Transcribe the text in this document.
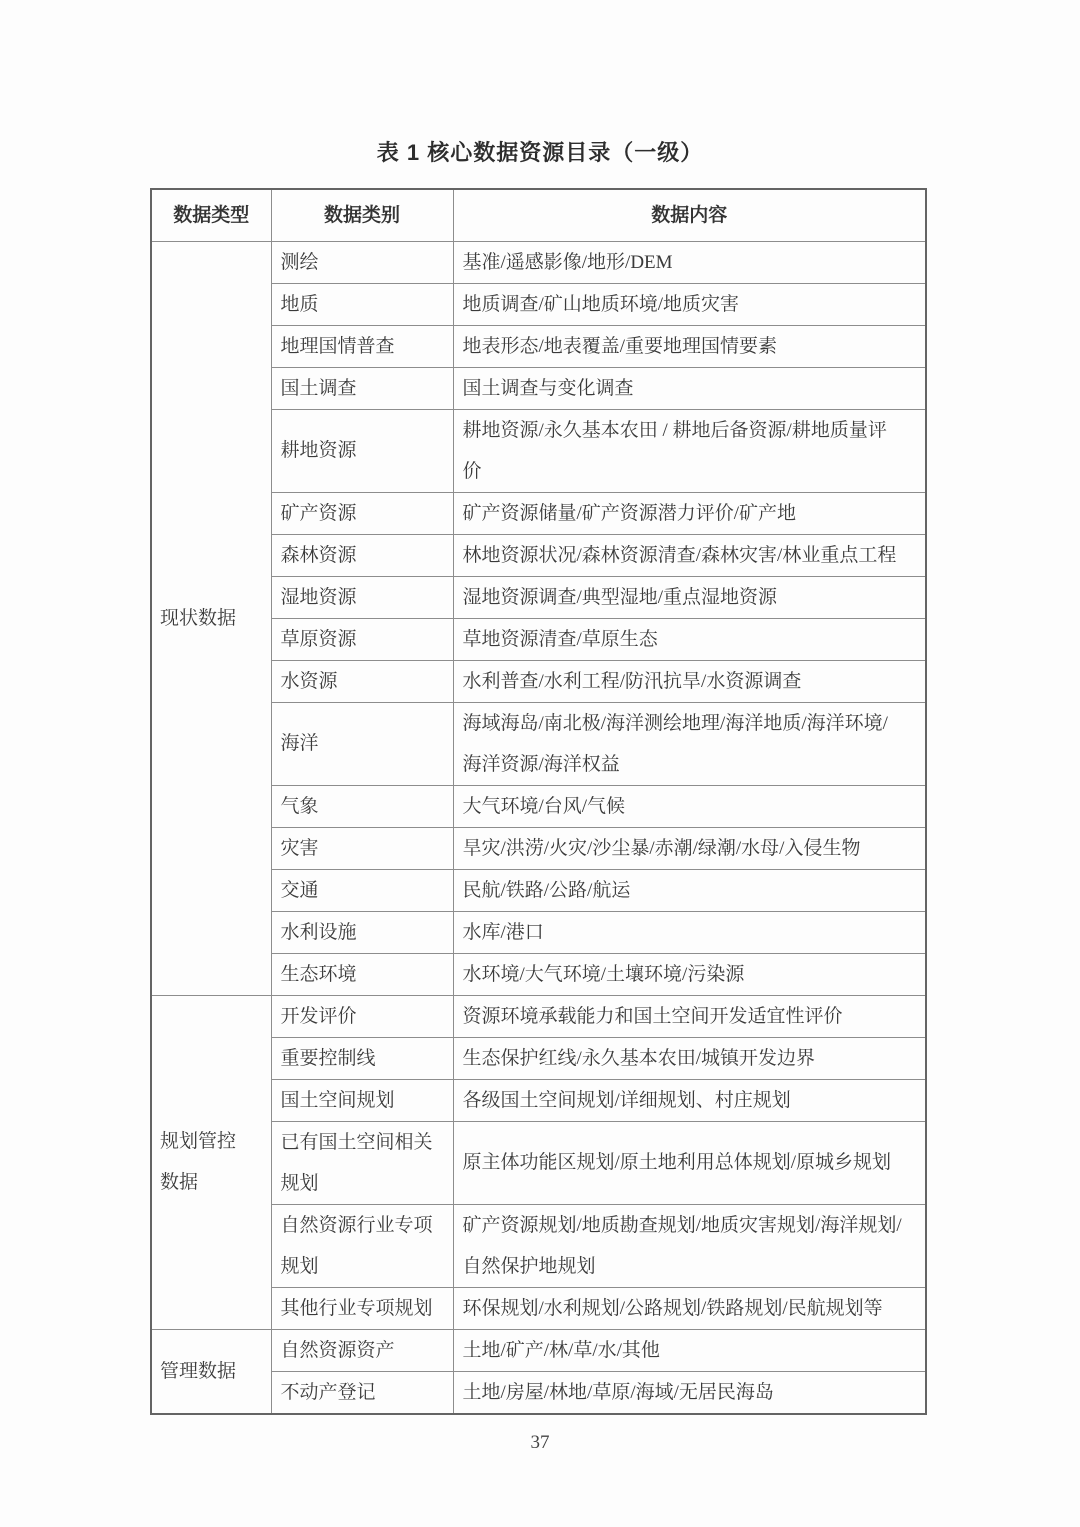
表 1 核心数据资源目录（一级）
数据类型	数据类别	数据内容
现状数据	测绘	基准/遥感影像/地形/DEM
	地质	地质调查/矿山地质环境/地质灾害
	地理国情普查	地表形态/地表覆盖/重要地理国情要素
	国土调查	国土调查与变化调查
	耕地资源	耕地资源/永久基本农田 / 耕地后备资源/耕地质量评价
	矿产资源	矿产资源储量/矿产资源潜力评价/矿产地
	森林资源	林地资源状况/森林资源清查/森林灾害/林业重点工程
	湿地资源	湿地资源调查/典型湿地/重点湿地资源
	草原资源	草地资源清查/草原生态
	水资源	水利普查/水利工程/防汛抗旱/水资源调查
	海洋	海域海岛/南北极/海洋测绘地理/海洋地质/海洋环境/海洋资源/海洋权益
	气象	大气环境/台风/气候
	灾害	旱灾/洪涝/火灾/沙尘暴/赤潮/绿潮/水母/入侵生物
	交通	民航/铁路/公路/航运
	水利设施	水库/港口
	生态环境	水环境/大气环境/土壤环境/污染源
规划管控数据	开发评价	资源环境承载能力和国土空间开发适宜性评价
	重要控制线	生态保护红线/永久基本农田/城镇开发边界
	国土空间规划	各级国土空间规划/详细规划、村庄规划
	已有国土空间相关规划	原主体功能区规划/原土地利用总体规划/原城乡规划
	自然资源行业专项规划	矿产资源规划/地质勘查规划/地质灾害规划/海洋规划/自然保护地规划
	其他行业专项规划	环保规划/水利规划/公路规划/铁路规划/民航规划等
管理数据	自然资源资产	土地/矿产/林/草/水/其他
	不动产登记	土地/房屋/林地/草原/海域/无居民海岛
37
